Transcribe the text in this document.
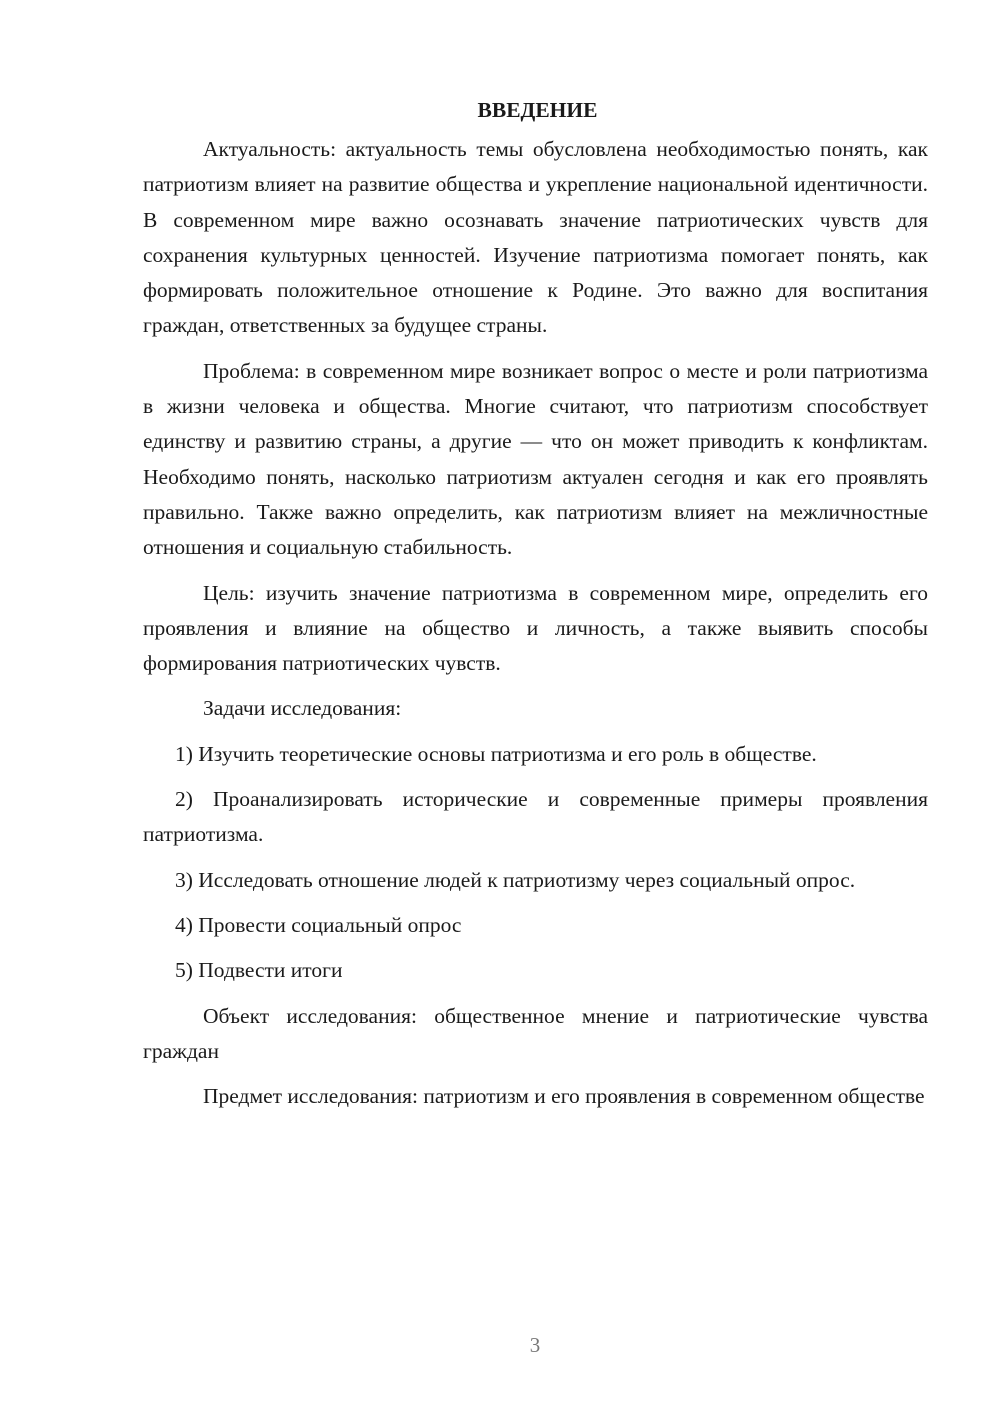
ВВЕДЕНИЕ

Актуальность: актуальность темы обусловлена необходимостью понять, как патриотизм влияет на развитие общества и укрепление национальной идентичности. В современном мире важно осознавать значение патриотических чувств для сохранения культурных ценностей. Изучение патриотизма помогает понять, как формировать положительное отношение к Родине. Это важно для воспитания граждан, ответственных за будущее страны.

Проблема: в современном мире возникает вопрос о месте и роли патриотизма в жизни человека и общества. Многие считают, что патриотизм способствует единству и развитию страны, а другие — что он может приводить к конфликтам. Необходимо понять, насколько патриотизм актуален сегодня и как его проявлять правильно. Также важно определить, как патриотизм влияет на межличностные отношения и социальную стабильность.

Цель: изучить значение патриотизма в современном мире, определить его проявления и влияние на общество и личность, а также выявить способы формирования патриотических чувств.

Задачи исследования:

1) Изучить теоретические основы патриотизма и его роль в обществе.

2) Проанализировать исторические и современные примеры проявления патриотизма.

3) Исследовать отношение людей к патриотизму через социальный опрос.

4) Провести социальный опрос

5) Подвести итоги

Объект исследования: общественное мнение и патриотические чувства граждан

Предмет исследования: патриотизм и его проявления в современном обществе

3
